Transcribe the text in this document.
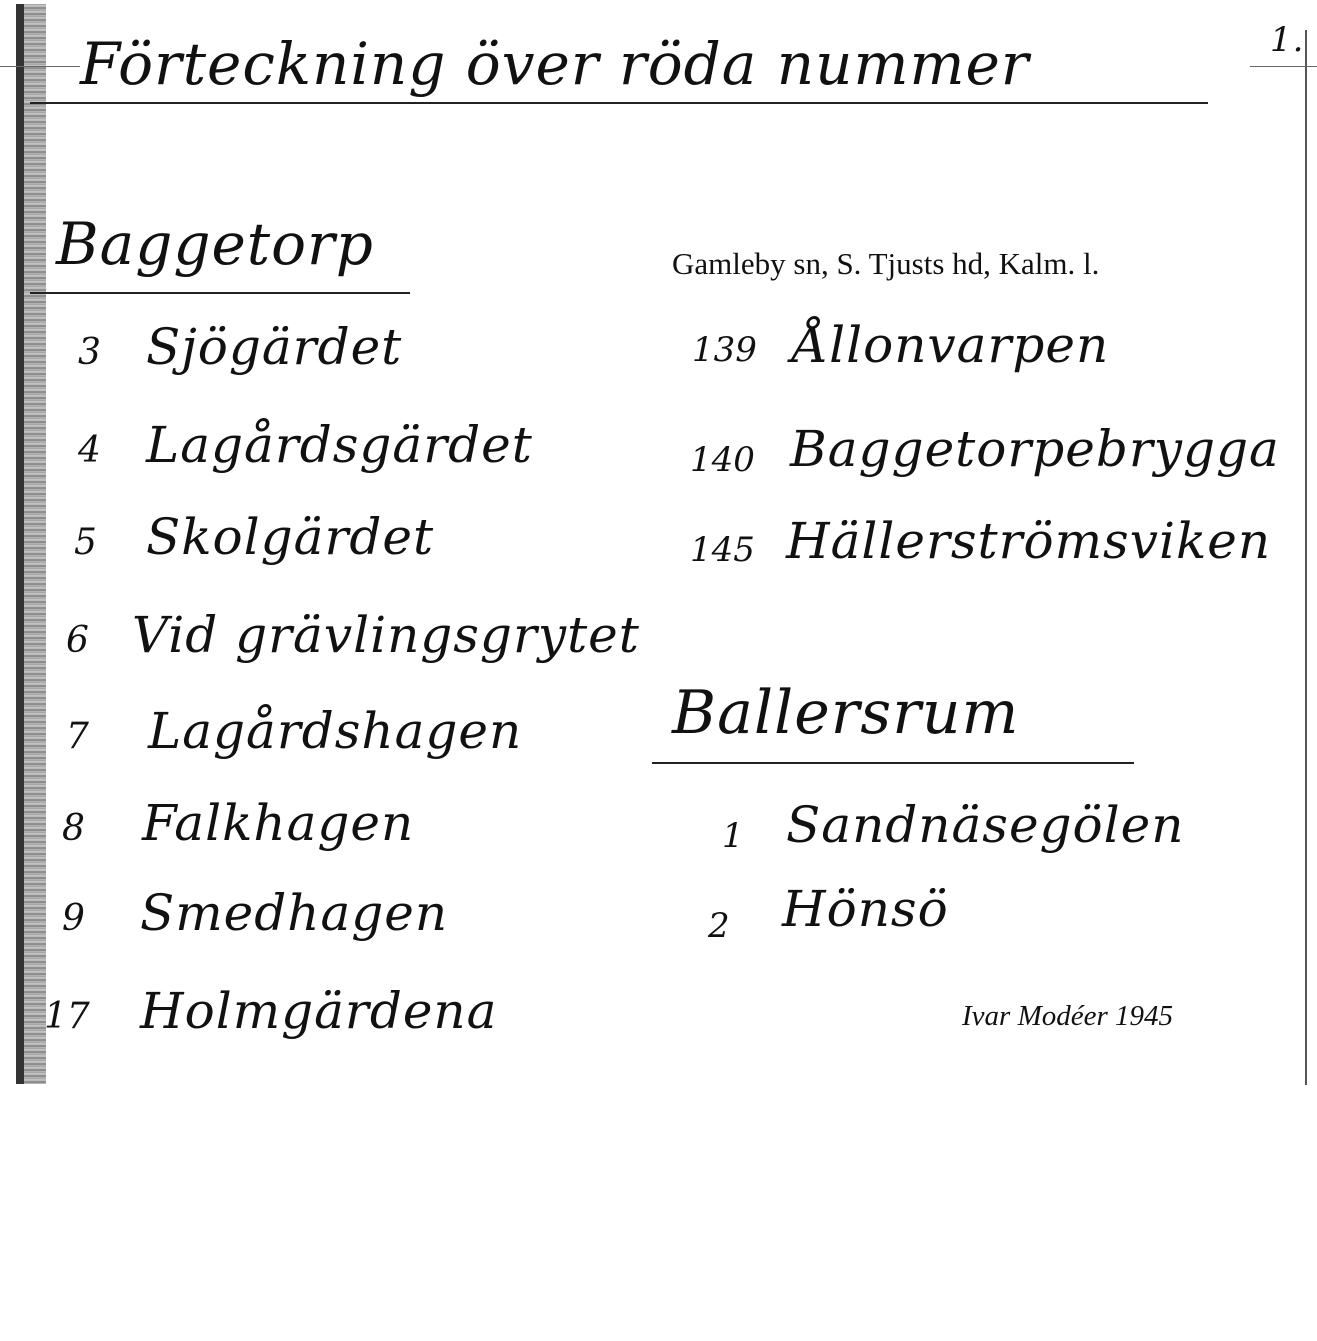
1.
Förteckning över röda nummer
Baggetorp	Gamleby sn, S. Tjusts hd, Kalm. l.
3 Sjögärdet
4 Lagårdsgärdet
5 Skolgärdet
6 Vid grävlingsgrytet
7 Lagårdshagen
8 Falkhagen
9 Smedhagen
17 Holmgärdena
139 Ållonvarpen
140 Baggetorpebrygga
145 Hällerströmsviken
Ballersrum
1 Sandnäsegölen
2 Hönsö
Ivar Modéer 1945
